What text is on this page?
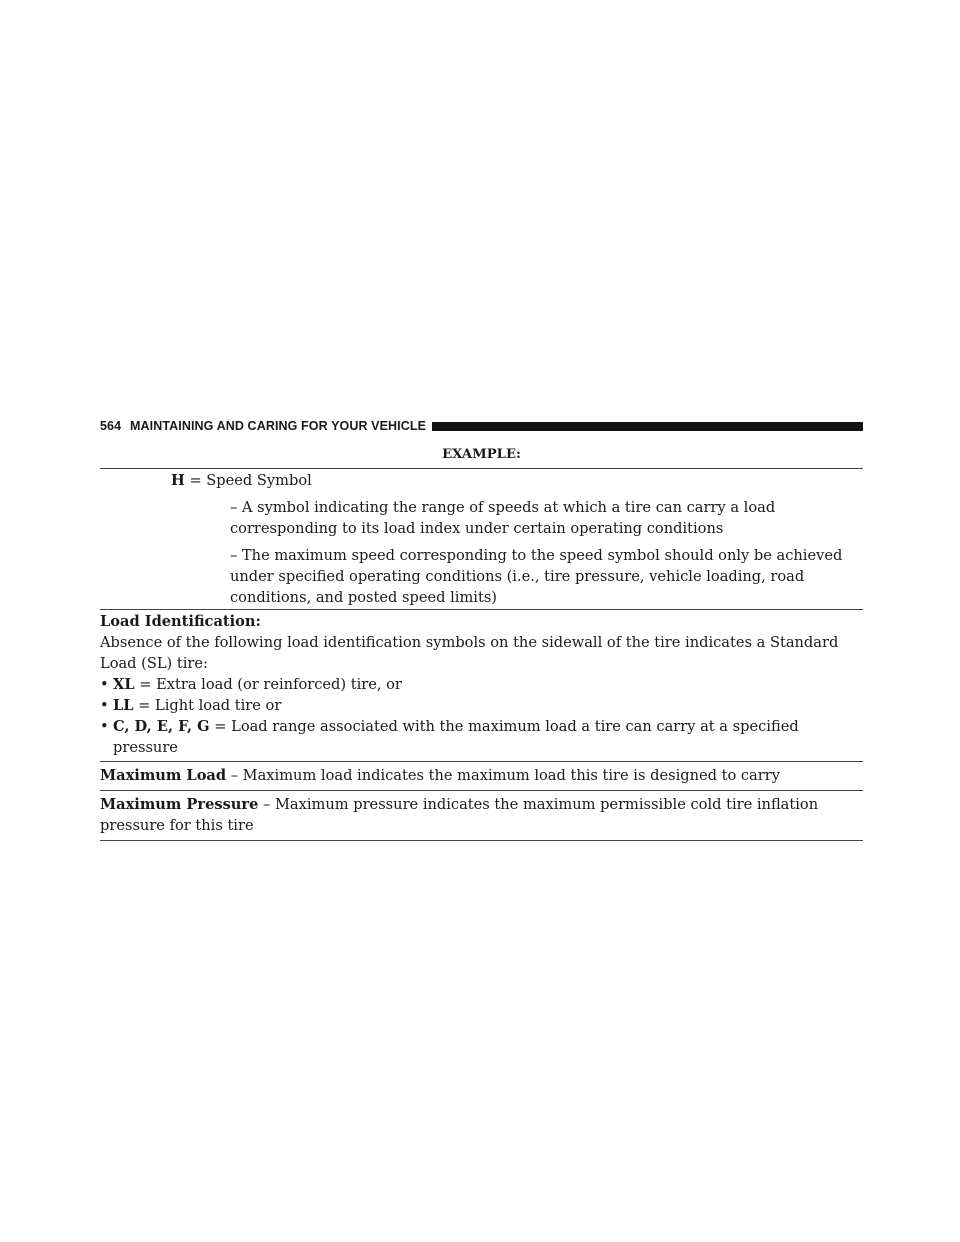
564 MAINTAINING AND CARING FOR YOUR VEHICLE
EXAMPLE:
H = Speed Symbol
– A symbol indicating the range of speeds at which a tire can carry a load corresponding to its load index under certain operating conditions
– The maximum speed corresponding to the speed symbol should only be achieved under specified operating conditions (i.e., tire pressure, vehicle loading, road conditions, and posted speed limits)
Load Identification:
Absence of the following load identification symbols on the sidewall of the tire indicates a Standard Load (SL) tire:
• XL = Extra load (or reinforced) tire, or
• LL = Light load tire or
• C, D, E, F, G = Load range associated with the maximum load a tire can carry at a specified pressure
Maximum Load – Maximum load indicates the maximum load this tire is designed to carry
Maximum Pressure – Maximum pressure indicates the maximum permissible cold tire inflation pressure for this tire
